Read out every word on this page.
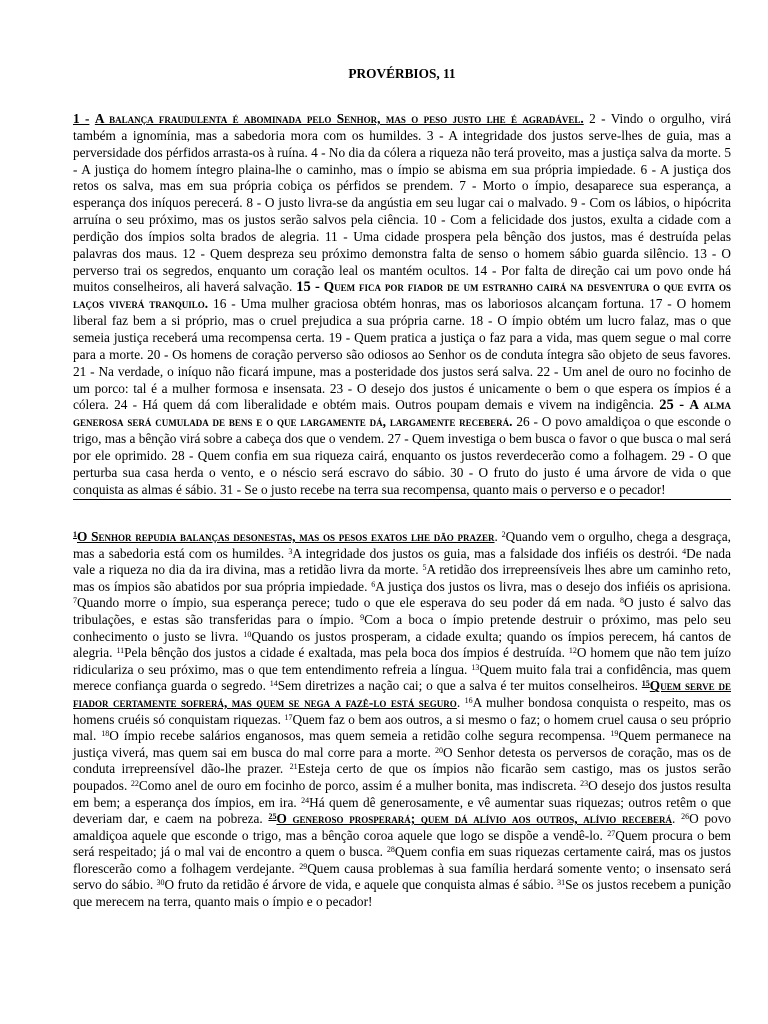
PROVÉRBIOS, 11
1 - A balança fraudulenta é abominada pelo Senhor, mas o peso justo lhe é agradável. 2 - Vindo o orgulho, virá também a ignomínia, mas a sabedoria mora com os humildes. 3 - A integridade dos justos serve-lhes de guia, mas a perversidade dos pérfidos arrasta-os à ruína. 4 - No dia da cólera a riqueza não terá proveito, mas a justiça salva da morte. 5 - A justiça do homem íntegro plaina-lhe o caminho, mas o ímpio se abisma em sua própria impiedade. 6 - A justiça dos retos os salva, mas em sua própria cobiça os pérfidos se prendem. 7 - Morto o ímpio, desaparece sua esperança, a esperança dos iníquos perecerá. 8 - O justo livra-se da angústia em seu lugar cai o malvado. 9 - Com os lábios, o hipócrita arruína o seu próximo, mas os justos serão salvos pela ciência. 10 - Com a felicidade dos justos, exulta a cidade com a perdição dos ímpios solta brados de alegria. 11 - Uma cidade prospera pela bênção dos justos, mas é destruída pelas palavras dos maus. 12 - Quem despreza seu próximo demonstra falta de senso o homem sábio guarda silêncio. 13 - O perverso trai os segredos, enquanto um coração leal os mantém ocultos. 14 - Por falta de direção cai um povo onde há muitos conselheiros, ali haverá salvação. 15 - Quem fica por fiador de um estranho cairá na desventura o que evita os laços viverá tranquilo. 16 - Uma mulher graciosa obtém honras, mas os laboriosos alcançam fortuna. 17 - O homem liberal faz bem a si próprio, mas o cruel prejudica a sua própria carne. 18 - O ímpio obtém um lucro falaz, mas o que semeia justiça receberá uma recompensa certa. 19 - Quem pratica a justiça o faz para a vida, mas quem segue o mal corre para a morte. 20 - Os homens de coração perverso são odiosos ao Senhor os de conduta íntegra são objeto de seus favores. 21 - Na verdade, o iníquo não ficará impune, mas a posteridade dos justos será salva. 22 - Um anel de ouro no focinho de um porco: tal é a mulher formosa e insensata. 23 - O desejo dos justos é unicamente o bem o que espera os ímpios é a cólera. 24 - Há quem dá com liberalidade e obtém mais. Outros poupam demais e vivem na indigência. 25 - A alma generosa será cumulada de bens e o que largamente dá, largamente receberá. 26 - O povo amaldiçoa o que esconde o trigo, mas a bênção virá sobre a cabeça dos que o vendem. 27 - Quem investiga o bem busca o favor o que busca o mal será por ele oprimido. 28 - Quem confia em sua riqueza cairá, enquanto os justos reverdecerão como a folhagem. 29 - O que perturba sua casa herda o vento, e o néscio será escravo do sábio. 30 - O fruto do justo é uma árvore de vida o que conquista as almas é sábio. 31 - Se o justo recebe na terra sua recompensa, quanto mais o perverso e o pecador!
$^1$O Senhor repudia balanças desonestas, mas os pesos exatos lhe dão prazer. $^2$Quando vem o orgulho, chega a desgraça, mas a sabedoria está com os humildes. $^3$A integridade dos justos os guia, mas a falsidade dos infiéis os destrói. $^4$De nada vale a riqueza no dia da ira divina, mas a retidão livra da morte. $^5$A retidão dos irrepreensíveis lhes abre um caminho reto, mas os ímpios são abatidos por sua própria impiedade. $^6$A justiça dos justos os livra, mas o desejo dos infiéis os aprisiona. $^7$Quando morre o ímpio, sua esperança perece; tudo o que ele esperava do seu poder dá em nada. $^8$O justo é salvo das tribulações, e estas são transferidas para o ímpio. $^9$Com a boca o ímpio pretende destruir o próximo, mas pelo seu conhecimento o justo se livra. $^{10}$Quando os justos prosperam, a cidade exulta; quando os ímpios perecem, há cantos de alegria. $^{11}$Pela bênção dos justos a cidade é exaltada, mas pela boca dos ímpios é destruída. $^{12}$O homem que não tem juízo ridiculariza o seu próximo, mas o que tem entendimento refreia a língua. $^{13}$Quem muito fala trai a confidência, mas quem merece confiança guarda o segredo. $^{14}$Sem diretrizes a nação cai; o que a salva é ter muitos conselheiros. $^{15}$Quem serve de fiador certamente sofrerá, mas quem se nega a fazê-lo está seguro. $^{16}$A mulher bondosa conquista o respeito, mas os homens cruéis só conquistam riquezas. $^{17}$Quem faz o bem aos outros, a si mesmo o faz; o homem cruel causa o seu próprio mal. $^{18}$O ímpio recebe salários enganosos, mas quem semeia a retidão colhe segura recompensa. $^{19}$Quem permanece na justiça viverá, mas quem sai em busca do mal corre para a morte. $^{20}$O Senhor detesta os perversos de coração, mas os de conduta irrepreensível dão-lhe prazer. $^{21}$Esteja certo de que os ímpios não ficarão sem castigo, mas os justos serão poupados. $^{22}$Como anel de ouro em focinho de porco, assim é a mulher bonita, mas indiscreta. $^{23}$O desejo dos justos resulta em bem; a esperança dos ímpios, em ira. $^{24}$Há quem dê generosamente, e vê aumentar suas riquezas; outros retêm o que deveriam dar, e caem na pobreza. $^{25}$O generoso prosperará; quem dá alívio aos outros, alívio receberá. $^{26}$O povo amaldiçoa aquele que esconde o trigo, mas a bênção coroa aquele que logo se dispõe a vendê-lo. $^{27}$Quem procura o bem será respeitado; já o mal vai de encontro a quem o busca. $^{28}$Quem confia em suas riquezas certamente cairá, mas os justos florescerão como a folhagem verdejante. $^{29}$Quem causa problemas à sua família herdará somente vento; o insensato será servo do sábio. $^{30}$O fruto da retidão é árvore de vida, e aquele que conquista almas é sábio. $^{31}$Se os justos recebem a punição que merecem na terra, quanto mais o ímpio e o pecador!
